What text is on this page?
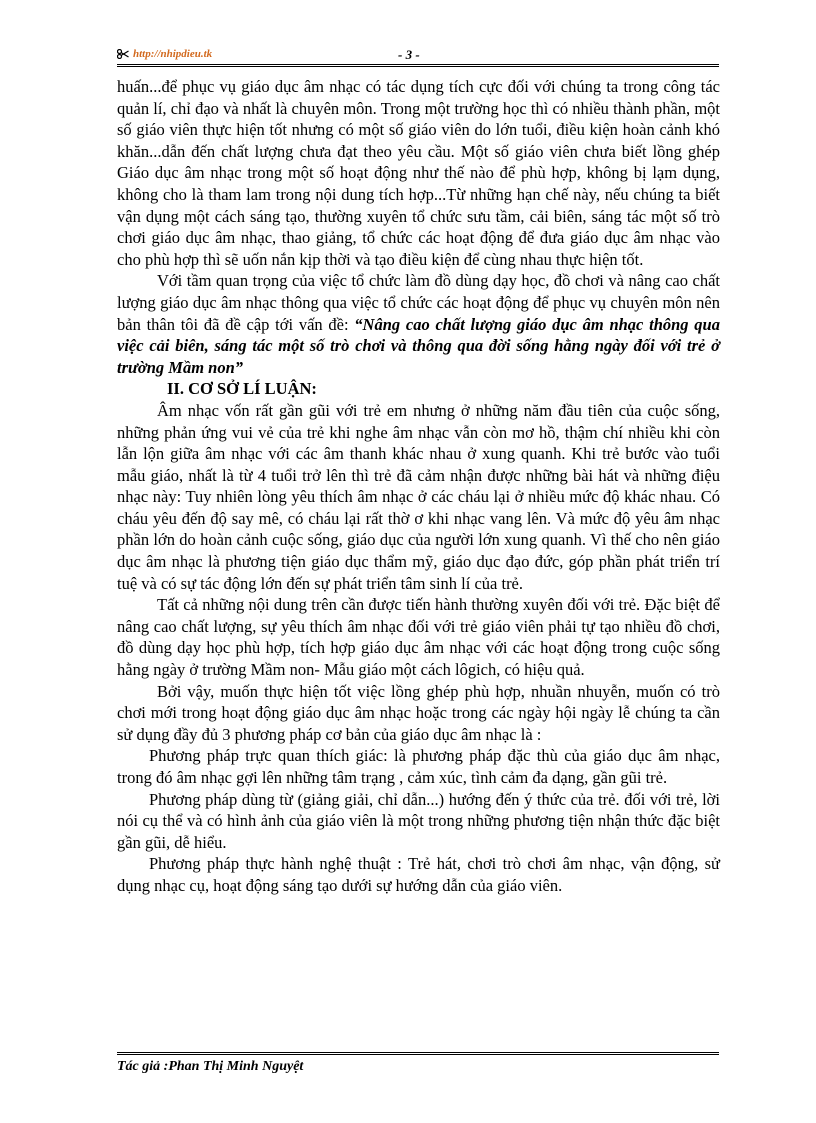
http://nhipdieu.tk	- 3 -

huấn...để phục vụ giáo dục âm nhạc có tác dụng tích cực đối với chúng ta trong công tác quản lí, chỉ đạo và nhất là chuyên môn. Trong một trường học thì có nhiều thành phần, một số giáo viên thực hiện tốt nhưng có một số giáo viên do lớn tuổi, điều kiện hoàn cảnh khó khăn...dẫn đến chất lượng chưa đạt theo yêu cầu. Một số giáo viên chưa biết lồng ghép Giáo dục âm nhạc trong một số hoạt động như thế nào để phù hợp, không bị lạm dụng, không cho là tham lam trong nội dung tích hợp...Từ những hạn chế này, nếu chúng ta biết vận dụng một cách sáng tạo, thường xuyên tổ chức sưu tầm, cải biên, sáng tác một số trò chơi giáo dục âm nhạc, thao giảng, tổ chức các hoạt động để đưa giáo dục âm nhạc vào cho phù hợp thì sẽ uốn nắn kịp thời và tạo điều kiện để cùng nhau thực hiện tốt.

Với tầm quan trọng của việc tổ chức làm đồ dùng dạy học, đồ chơi và nâng cao chất lượng giáo dục âm nhạc thông qua việc tổ chức các hoạt động để phục vụ chuyên môn nên bản thân tôi đã đề cập tới vấn đề: “Nâng cao chất lượng giáo dục âm nhạc thông qua việc cải biên, sáng tác một số trò chơi và thông qua đời sống hằng ngày đối với trẻ ở trường Mầm non”

II. CƠ SỞ LÍ LUẬN:

Âm nhạc vốn rất gần gũi với trẻ em nhưng ở những năm đầu tiên của cuộc sống, những phản ứng vui vẻ của trẻ khi nghe âm nhạc vẫn còn mơ hồ, thậm chí nhiều khi còn lẫn lộn giữa âm nhạc với các âm thanh khác nhau ở xung quanh. Khi trẻ bước vào tuổi mẫu giáo, nhất là từ 4 tuổi trở lên thì trẻ đã cảm nhận được những bài hát và những điệu nhạc này: Tuy nhiên lòng yêu thích âm nhạc ở các cháu lại ở nhiều mức độ khác nhau. Có cháu yêu đến độ say mê, có cháu lại rất thờ ơ khi nhạc vang lên. Và mức độ yêu âm nhạc phần lớn do hoàn cảnh cuộc sống, giáo dục của người lớn xung quanh. Vì thế cho nên giáo dục âm nhạc là phương tiện giáo dục thẩm mỹ, giáo dục đạo đức, góp phần phát triển trí tuệ và có sự tác động lớn đến sự phát triển tâm sinh lí của trẻ.

Tất cả những nội dung trên cần được tiến hành thường xuyên đối với trẻ. Đặc biệt để nâng cao chất lượng, sự yêu thích âm nhạc đối với trẻ giáo viên phải tự tạo nhiều đồ chơi, đồ dùng dạy học phù hợp, tích hợp giáo dục âm nhạc với các hoạt động trong cuộc sống hằng ngày ở trường Mầm non- Mẫu giáo một cách lôgich, có hiệu quả.

Bởi vậy, muốn thực hiện tốt việc lồng ghép phù hợp, nhuần nhuyễn, muốn có trò chơi mới trong hoạt động giáo dục âm nhạc hoặc trong các ngày hội ngày lễ chúng ta cần sử dụng đầy đủ 3 phương pháp cơ bản của giáo dục âm nhạc là :

Phương pháp trực quan thích giác: là phương pháp đặc thù của giáo dục âm nhạc, trong đó âm nhạc gợi lên những tâm trạng , cảm xúc, tình cảm đa dạng, gần gũi trẻ.

Phương pháp dùng từ (giảng giải, chỉ dẫn...) hướng đến ý thức của trẻ. đối với trẻ, lời nói cụ thể và có hình ảnh của giáo viên là một trong những phương tiện nhận thức đặc biệt gần gũi, dễ hiểu.

Phương pháp thực hành nghệ thuật : Trẻ hát, chơi trò chơi âm nhạc, vận động, sử dụng nhạc cụ, hoạt động sáng tạo dưới sự hướng dẫn của giáo viên.

Tác giả :Phan Thị Minh Nguyệt
